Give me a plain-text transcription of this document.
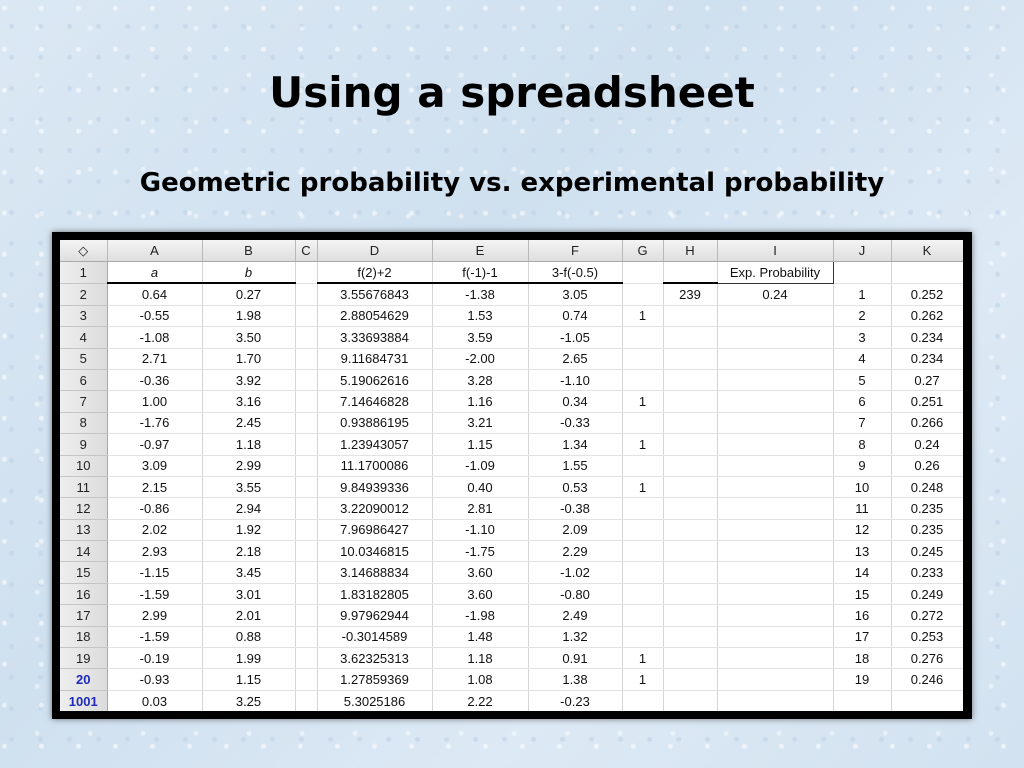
Using a spreadsheet
Geometric probability vs. experimental probability
◇	A	B	C	D	E	F	G	H	I	J	K
1	a	b		f(2)+2	f(-1)-1	3-f(-0.5)			Exp. Probability		
2	0.64	0.27		3.55676843	-1.38	3.05		239	0.24	1	0.252
3	-0.55	1.98		2.88054629	1.53	0.74	1			2	0.262
4	-1.08	3.50		3.33693884	3.59	-1.05				3	0.234
5	2.71	1.70		9.11684731	-2.00	2.65				4	0.234
6	-0.36	3.92		5.19062616	3.28	-1.10				5	0.27
7	1.00	3.16		7.14646828	1.16	0.34	1			6	0.251
8	-1.76	2.45		0.93886195	3.21	-0.33				7	0.266
9	-0.97	1.18		1.23943057	1.15	1.34	1			8	0.24
10	3.09	2.99		11.1700086	-1.09	1.55				9	0.26
11	2.15	3.55		9.84939336	0.40	0.53	1			10	0.248
12	-0.86	2.94		3.22090012	2.81	-0.38				11	0.235
13	2.02	1.92		7.96986427	-1.10	2.09				12	0.235
14	2.93	2.18		10.0346815	-1.75	2.29				13	0.245
15	-1.15	3.45		3.14688834	3.60	-1.02				14	0.233
16	-1.59	3.01		1.83182805	3.60	-0.80				15	0.249
17	2.99	2.01		9.97962944	-1.98	2.49				16	0.272
18	-1.59	0.88		-0.3014589	1.48	1.32				17	0.253
19	-0.19	1.99		3.62325313	1.18	0.91	1			18	0.276
20	-0.93	1.15		1.27859369	1.08	1.38	1			19	0.246
1001	0.03	3.25		5.3025186	2.22	-0.23					
